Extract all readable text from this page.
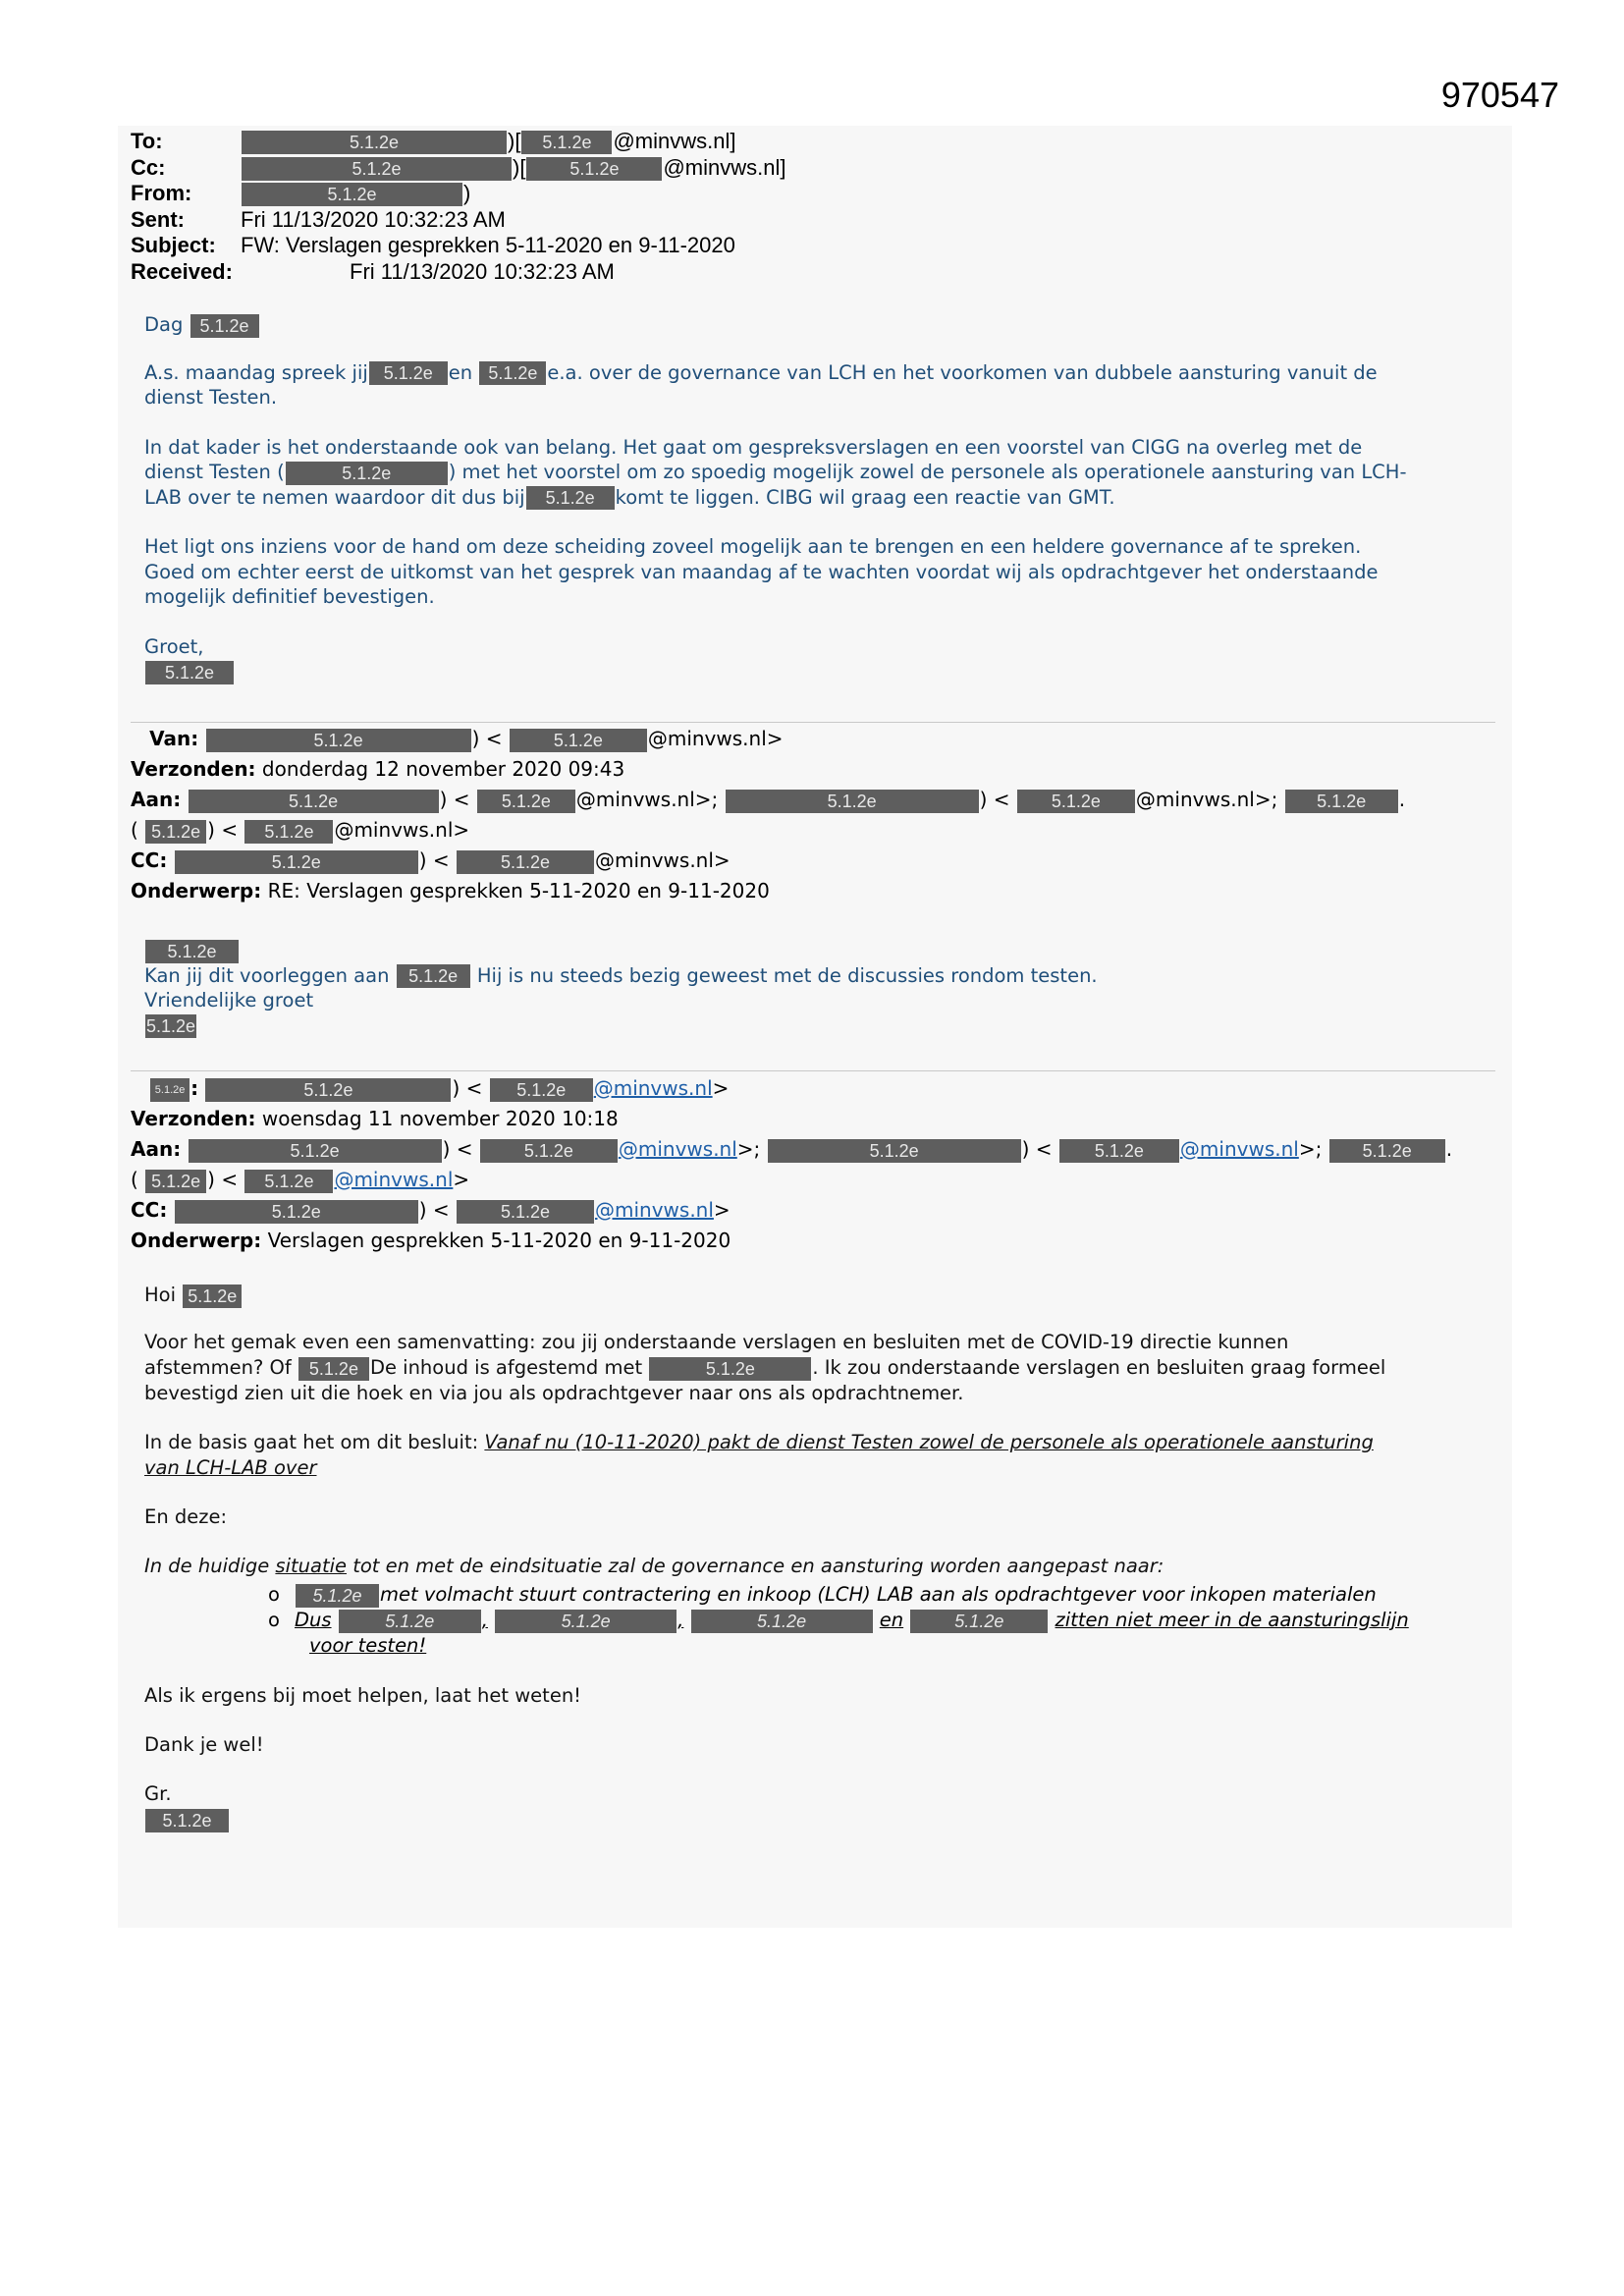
970547
To:	5.1.2e	)[ 5.1.2e @minvws.nl]
Cc:	5.1.2e	)[ 5.1.2e @minvws.nl]
From:	5.1.2e	)
Sent:	Fri 11/13/2020 10:32:23 AM
Subject:	FW: Verslagen gesprekken 5-11-2020 en 9-11-2020
Received:	Fri 11/13/2020 10:32:23 AM

Dag 5.1.2e

A.s. maandag spreek jij 5.1.2e en 5.1.2e e.a. over de governance van LCH en het voorkomen van dubbele aansturing vanuit de
dienst Testen.

In dat kader is het onderstaande ook van belang. Het gaat om gespreksverslagen en een voorstel van CIGG na overleg met de
dienst Testen (	5.1.2e	) met het voorstel om zo spoedig mogelijk zowel de personele als operationele aansturing van LCH-
LAB over te nemen waardoor dit dus bij 5.1.2e komt te liggen. CIBG wil graag een reactie van GMT.

Het ligt ons inziens voor de hand om deze scheiding zoveel mogelijk aan te brengen en een heldere governance af te spreken.
Goed om echter eerst de uitkomst van het gesprek van maandag af te wachten voordat wij als opdrachtgever het onderstaande
mogelijk definitief bevestigen.

Groet,

5.1.2e

Van:	5.1.2e	) <	5.1.2e @minvws.nl>
Verzonden: donderdag 12 november 2020 09:43
Aan:	5.1.2e	) < 5.1.2e @minvws.nl>;	5.1.2e	) < 5.1.2e @minvws.nl>; 5.1.2e .
( 5.1.2e ) < 5.1.2e @minvws.nl>
CC:	5.1.2e	) <	5.1.2e @minvws.nl>
Onderwerp: RE: Verslagen gesprekken 5-11-2020 en 9-11-2020

5.1.2e

Kan jij dit voorleggen aan 5.1.2e Hij is nu steeds bezig geweest met de discussies rondom testen.

Vriendelijke groet

5.1.2e

5.1.2e :	5.1.2e	) < 5.1.2e @minvws.nl>
Verzonden: woensdag 11 november 2020 10:18
Aan:	5.1.2e	) <	5.1.2e @minvws.nl>;	5.1.2e	) < 5.1.2e @minvws.nl>; 5.1.2e .
( 5.1.2e ) < 5.1.2e @minvws.nl>
CC:	5.1.2e	) <	5.1.2e @minvws.nl>
Onderwerp: Verslagen gesprekken 5-11-2020 en 9-11-2020

Hoi 5.1.2e

Voor het gemak even een samenvatting: zou jij onderstaande verslagen en besluiten met de COVID-19 directie kunnen
afstemmen? Of 5.1.2e De inhoud is afgestemd met	5.1.2e	. Ik zou onderstaande verslagen en besluiten graag formeel
bevestigd zien uit die hoek en via jou als opdrachtgever naar ons als opdrachtnemer.

In de basis gaat het om dit besluit: Vanaf nu (10-11-2020) pakt de dienst Testen zowel de personele als operationele aansturing
van LCH-LAB over

En deze:

In de huidige situatie tot en met de eindsituatie zal de governance en aansturing worden aangepast naar:

o 5.1.2e met volmacht stuurt contractering en inkoop (LCH) LAB aan als opdrachtgever voor inkopen materialen
o Dus	5.1.2e ,	5.1.2e	,	5.1.2e	en	5.1.2e	zitten niet meer in de aansturingslijn
voor testen!

Als ik ergens bij moet helpen, laat het weten!

Dank je wel!

Gr.

5.1.2e
